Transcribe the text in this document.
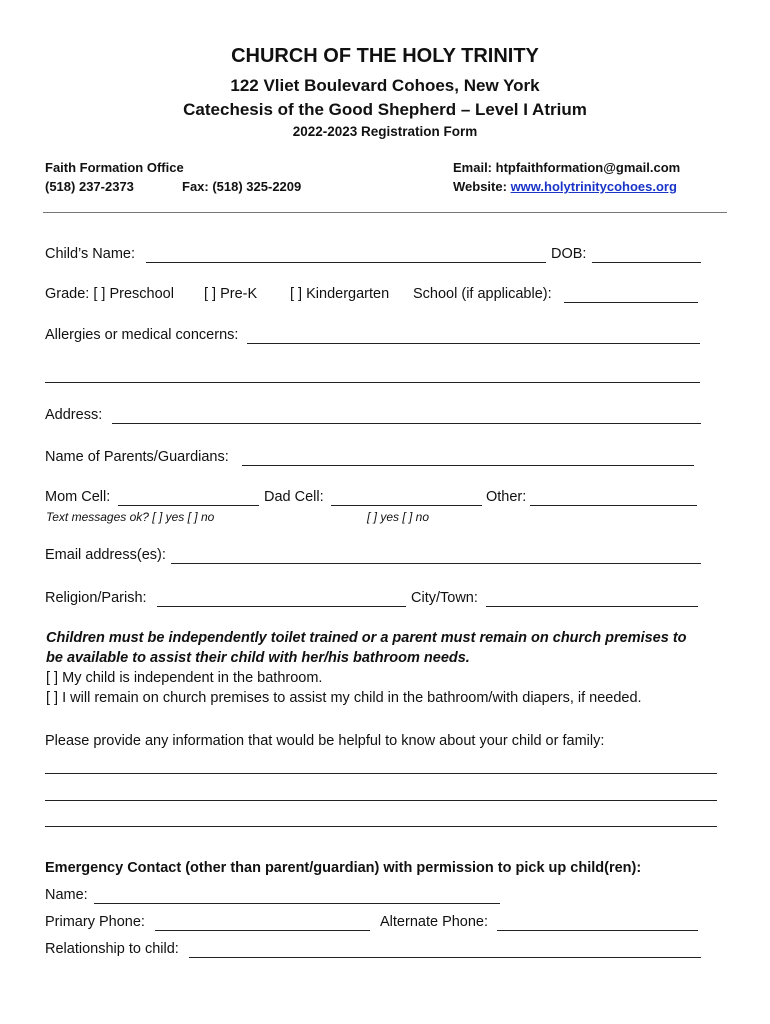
CHURCH OF THE HOLY TRINITY
122 Vliet Boulevard Cohoes, New York
Catechesis of the Good Shepherd – Level I Atrium
2022-2023 Registration Form
Faith Formation Office
(518) 237-2373	Fax: (518) 325-2209
Email: htpfaithformation@gmail.com
Website: www.holytrinitycohoes.org
Child’s Name:	DOB:
Grade: [ ] Preschool [ ] Pre-K [ ] Kindergarten School (if applicable):
Allergies or medical concerns:
Address:
Name of Parents/Guardians:
Mom Cell:	Dad Cell:	Other:
Text messages ok? [ ] yes [ ] no	[ ] yes [ ] no
Email address(es):
Religion/Parish:	City/Town:
Children must be independently toilet trained or a parent must remain on church premises to
be available to assist their child with her/his bathroom needs.
[ ] My child is independent in the bathroom.
[ ] I will remain on church premises to assist my child in the bathroom/with diapers, if needed.
Please provide any information that would be helpful to know about your child or family:
Emergency Contact (other than parent/guardian) with permission to pick up child(ren):
Name:
Primary Phone:	Alternate Phone:
Relationship to child:
